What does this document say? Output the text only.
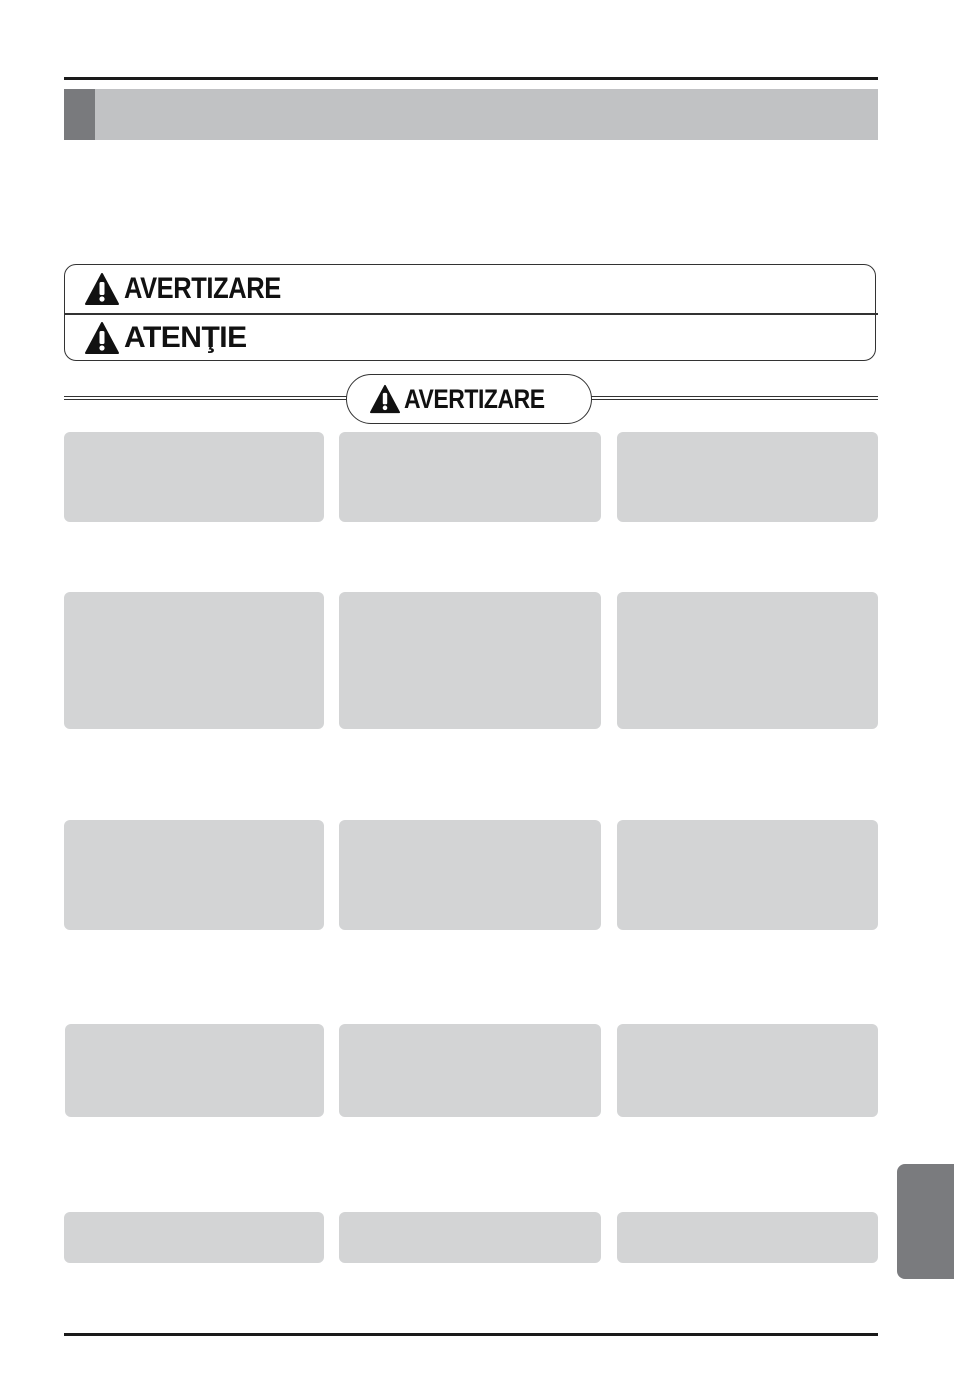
AVERTIZARE
ATENŢIE
AVERTIZARE
